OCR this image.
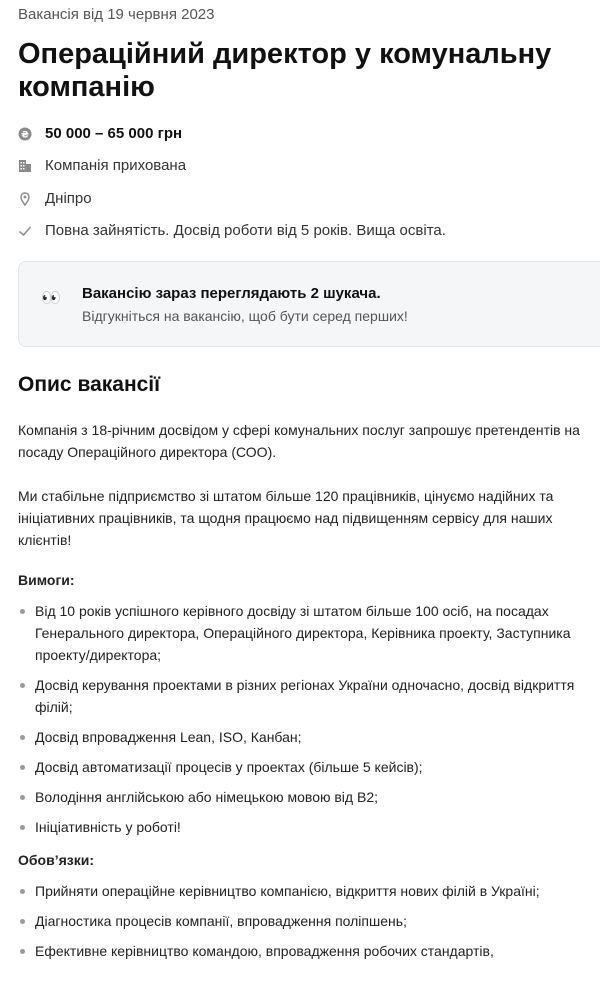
Вакансія від 19 червня 2023
Операційний директор у комунальну компанію
₴ 50 000 – 65 000 грн
Компанія прихована
Дніпро
Повна зайнятість. Досвід роботи від 5 років. Вища освіта.
👀 Вакансію зараз переглядають 2 шукача.
Відгукніться на вакансію, щоб бути серед перших!
Опис вакансії

Компанія з 18-річним досвідом у сфері комунальних послуг запрошує претендентів на посаду Операційного директора (СОО).

Ми стабільне підприємство зі штатом більше 120 працівників, цінуємо надійних та ініціативних працівників, та щодня працюємо над підвищенням сервісу для наших клієнтів!

Вимоги:
Від 10 років успішного керівного досвіду зі штатом більше 100 осіб, на посадах Генерального директора, Операційного директора, Керівника проекту, Заступника проекту/директора;
Досвід керування проектами в різних регіонах України одночасно, досвід відкриття філій;
Досвід впровадження Lean, ISO, Канбан;
Досвід автоматизації процесів у проектах (більше 5 кейсів);
Володіння англійською або німецькою мовою від В2;
Ініціативність у роботі!
Обов’язки:
Прийняти операційне керівництво компанією, відкриття нових філій в Україні;
Діагностика процесів компанії, впровадження поліпшень;
Ефективне керівництво командою, впровадження робочих стандартів,
